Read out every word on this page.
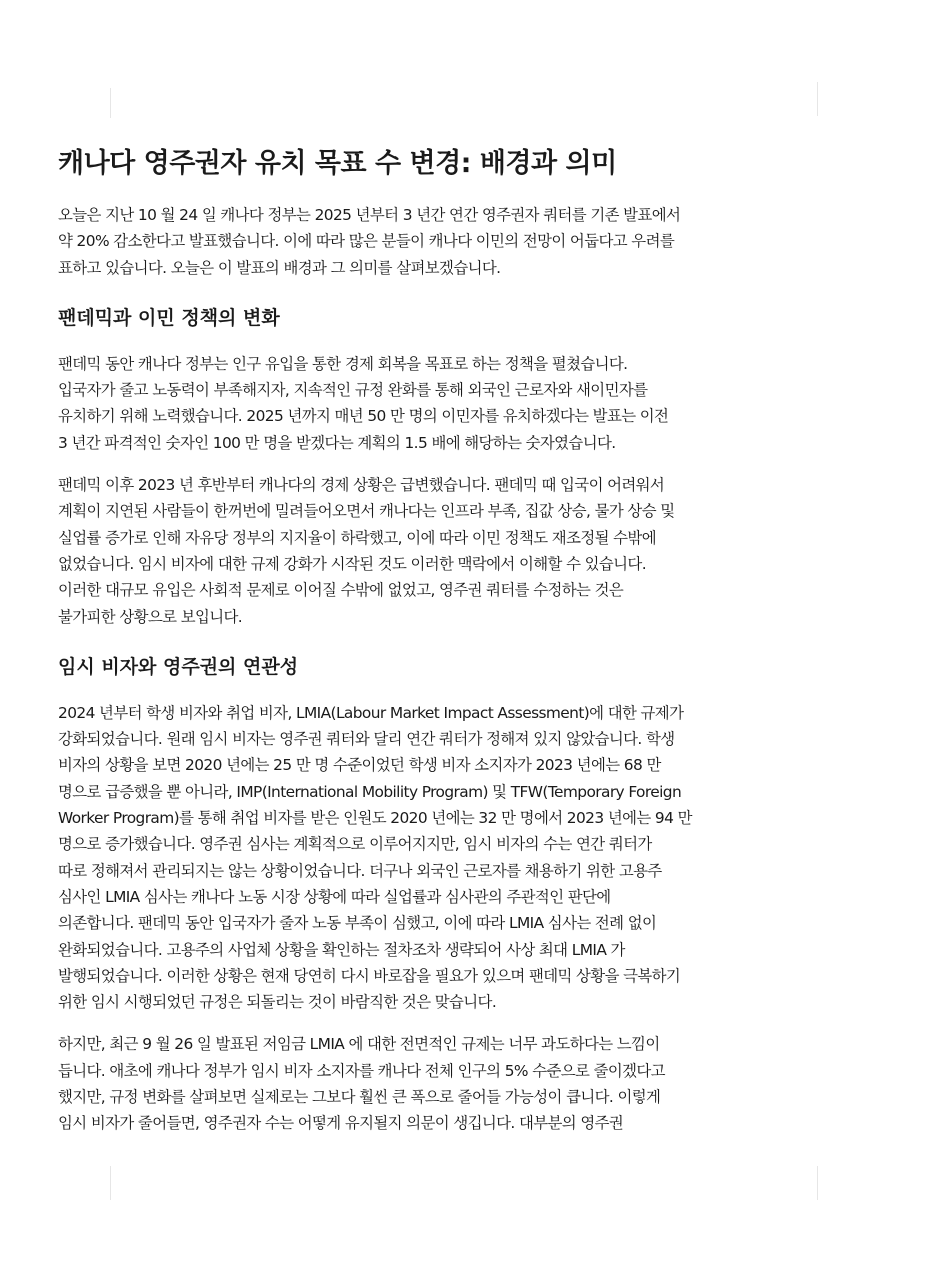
캐나다 영주권자 유치 목표 수 변경: 배경과 의미

오늘은 지난 10 월 24 일 캐나다 정부는 2025 년부터 3 년간 연간 영주권자 쿼터를 기존 발표에서
약 20% 감소한다고 발표했습니다. 이에 따라 많은 분들이 캐나다 이민의 전망이 어둡다고 우려를
표하고 있습니다. 오늘은 이 발표의 배경과 그 의미를 살펴보겠습니다.

팬데믹과 이민 정책의 변화

팬데믹 동안 캐나다 정부는 인구 유입을 통한 경제 회복을 목표로 하는 정책을 펼쳤습니다.
입국자가 줄고 노동력이 부족해지자, 지속적인 규정 완화를 통해 외국인 근로자와 새이민자를
유치하기 위해 노력했습니다. 2025 년까지 매년 50 만 명의 이민자를 유치하겠다는 발표는 이전
3 년간 파격적인 숫자인 100 만 명을 받겠다는 계획의 1.5 배에 해당하는 숫자였습니다.

팬데믹 이후 2023 년 후반부터 캐나다의 경제 상황은 급변했습니다. 팬데믹 때 입국이 어려워서
계획이 지연된 사람들이 한꺼번에 밀려들어오면서 캐나다는 인프라 부족, 집값 상승, 물가 상승 및
실업률 증가로 인해 자유당 정부의 지지율이 하락했고, 이에 따라 이민 정책도 재조정될 수밖에
없었습니다. 임시 비자에 대한 규제 강화가 시작된 것도 이러한 맥락에서 이해할 수 있습니다.
이러한 대규모 유입은 사회적 문제로 이어질 수밖에 없었고, 영주권 쿼터를 수정하는 것은
불가피한 상황으로 보입니다.

임시 비자와 영주권의 연관성

2024 년부터 학생 비자와 취업 비자, LMIA(Labour Market Impact Assessment)에 대한 규제가
강화되었습니다. 원래 임시 비자는 영주권 쿼터와 달리 연간 쿼터가 정해져 있지 않았습니다. 학생
비자의 상황을 보면 2020 년에는 25 만 명 수준이었던 학생 비자 소지자가 2023 년에는 68 만
명으로 급증했을 뿐 아니라, IMP(International Mobility Program) 및 TFW(Temporary Foreign
Worker Program)를 통해 취업 비자를 받은 인원도 2020 년에는 32 만 명에서 2023 년에는 94 만
명으로 증가했습니다. 영주권 심사는 계획적으로 이루어지지만, 임시 비자의 수는 연간 쿼터가
따로 정해져서 관리되지는 않는 상황이었습니다. 더구나 외국인 근로자를 채용하기 위한 고용주
심사인 LMIA 심사는 캐나다 노동 시장 상황에 따라 실업률과 심사관의 주관적인 판단에
의존합니다. 팬데믹 동안 입국자가 줄자 노동 부족이 심했고, 이에 따라 LMIA 심사는 전례 없이
완화되었습니다. 고용주의 사업체 상황을 확인하는 절차조차 생략되어 사상 최대 LMIA 가
발행되었습니다. 이러한 상황은 현재 당연히 다시 바로잡을 필요가 있으며 팬데믹 상황을 극복하기
위한 임시 시행되었던 규정은 되돌리는 것이 바람직한 것은 맞습니다.

하지만, 최근 9 월 26 일 발표된 저임금 LMIA 에 대한 전면적인 규제는 너무 과도하다는 느낌이
듭니다. 애초에 캐나다 정부가 임시 비자 소지자를 캐나다 전체 인구의 5% 수준으로 줄이겠다고
했지만, 규정 변화를 살펴보면 실제로는 그보다 훨씬 큰 폭으로 줄어들 가능성이 큽니다. 이렇게
임시 비자가 줄어들면, 영주권자 수는 어떻게 유지될지 의문이 생깁니다. 대부분의 영주권
